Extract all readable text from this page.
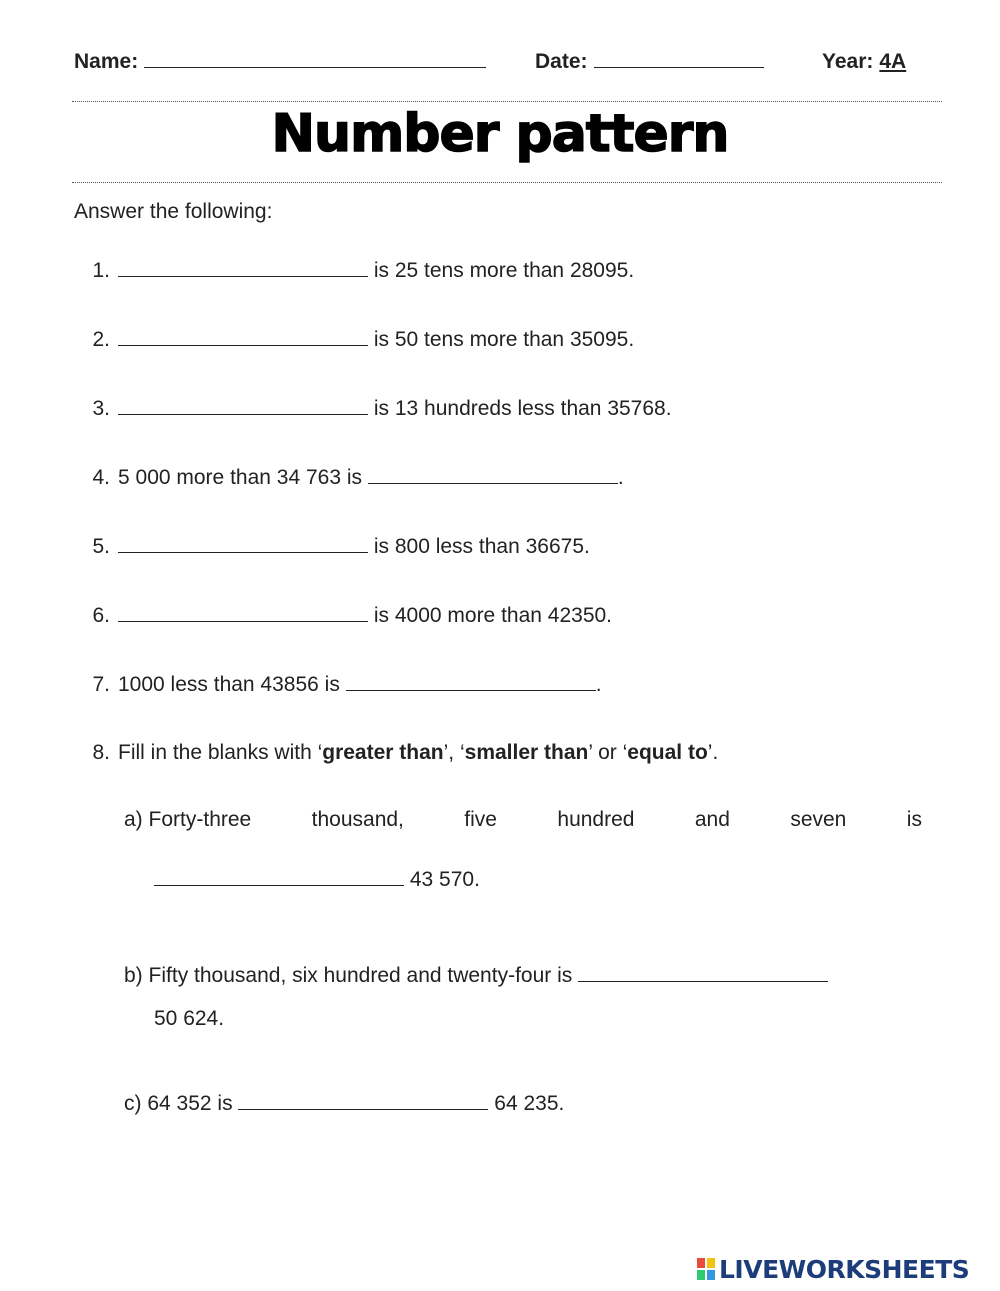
Name:	Date:	Year: 4A
Number pattern
Answer the following:
1.	is 25 tens more than 28095.
2.	is 50 tens more than 35095.
3.	is 13 hundreds less than 35768.
4. 5 000 more than 34 763 is	.
5.	is 800 less than 36675.
6.	is 4000 more than 42350.
7. 1000 less than 43856 is	.
8. Fill in the blanks with ‘greater than’, ‘smaller than’ or ‘equal to’.
a) Forty-three	thousand,	five	hundred	and	seven	is
43 570.
b) Fifty thousand, six hundred and twenty-four is
50 624.
c) 64 352 is	64 235.
LIVEWORKSHEETS
